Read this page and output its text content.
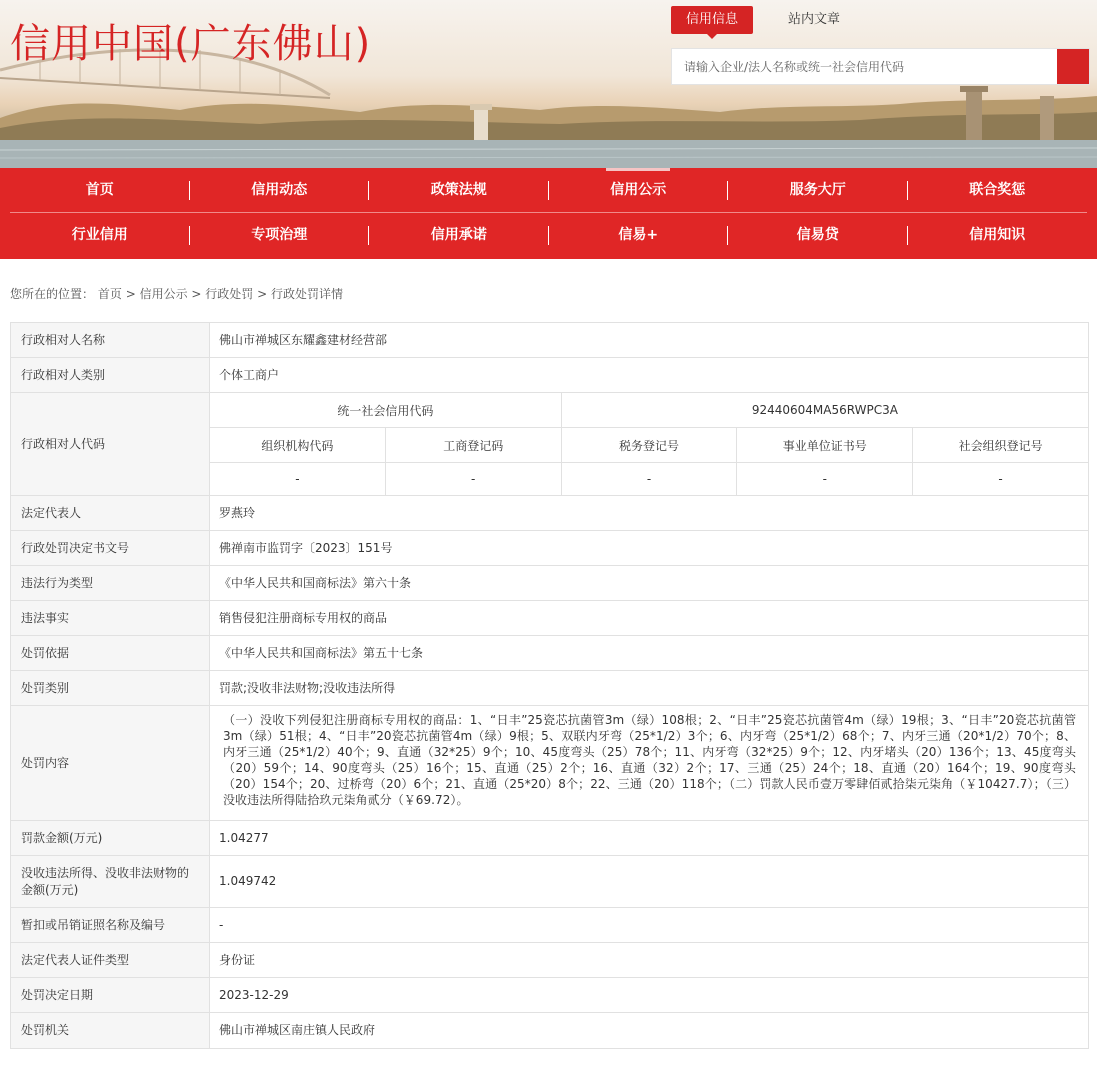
信用中国(广东佛山)
信用信息	站内文章
请输入企业/法人名称或统一社会信用代码
首页	信用动态	政策法规	信用公示	服务大厅	联合奖惩
行业信用	专项治理	信用承诺	信易+	信易贷	信用知识
您所在的位置： 首页 > 信用公示 > 行政处罚 > 行政处罚详情
行政相对人名称	佛山市禅城区东耀鑫建材经营部
行政相对人类别	个体工商户
行政相对人代码
统一社会信用代码	92440604MA56RWPC3A
组织机构代码	工商登记码	税务登记号	事业单位证书号	社会组织登记号
-	-	-	-	-
法定代表人	罗燕玲
行政处罚决定书文号	佛禅南市监罚字〔2023〕151号
违法行为类型	《中华人民共和国商标法》第六十条
违法事实	销售侵犯注册商标专用权的商品
处罚依据	《中华人民共和国商标法》第五十七条
处罚类别	罚款;没收非法财物;没收违法所得
处罚内容
（一）没收下列侵犯注册商标专用权的商品：1、“日丰”25瓷芯抗菌管3m（绿）108根；2、“日丰”25瓷芯抗菌管4m（绿）19根；3、“日丰”20瓷芯抗菌管3m（绿）51根；4、“日丰”20瓷芯抗菌管4m（绿）9根；5、双联内牙弯（25*1/2）3个；6、内牙弯（25*1/2）68个；7、内牙三通（20*1/2）70个；8、内牙三通（25*1/2）40个；9、直通（32*25）9个；10、45度弯头（25）78个；11、内牙弯（32*25）9个；12、内牙堵头（20）136个；13、45度弯头（20）59个；14、90度弯头（25）16个；15、直通（25）2个；16、直通（32）2个；17、三通（25）24个；18、直通（20）164个；19、90度弯头（20）154个；20、过桥弯（20）6个；21、直通（25*20）8个；22、三通（20）118个；（二）罚款人民币壹万零肆佰贰拾柒元柒角（￥10427.7）；（三）没收违法所得陆拾玖元柒角贰分（￥69.72）。
罚款金额(万元)	1.04277
没收违法所得、没收非法财物的金额(万元)
1.049742
暂扣或吊销证照名称及编号	-
法定代表人证件类型	身份证
处罚决定日期	2023-12-29
处罚机关	佛山市禅城区南庄镇人民政府
